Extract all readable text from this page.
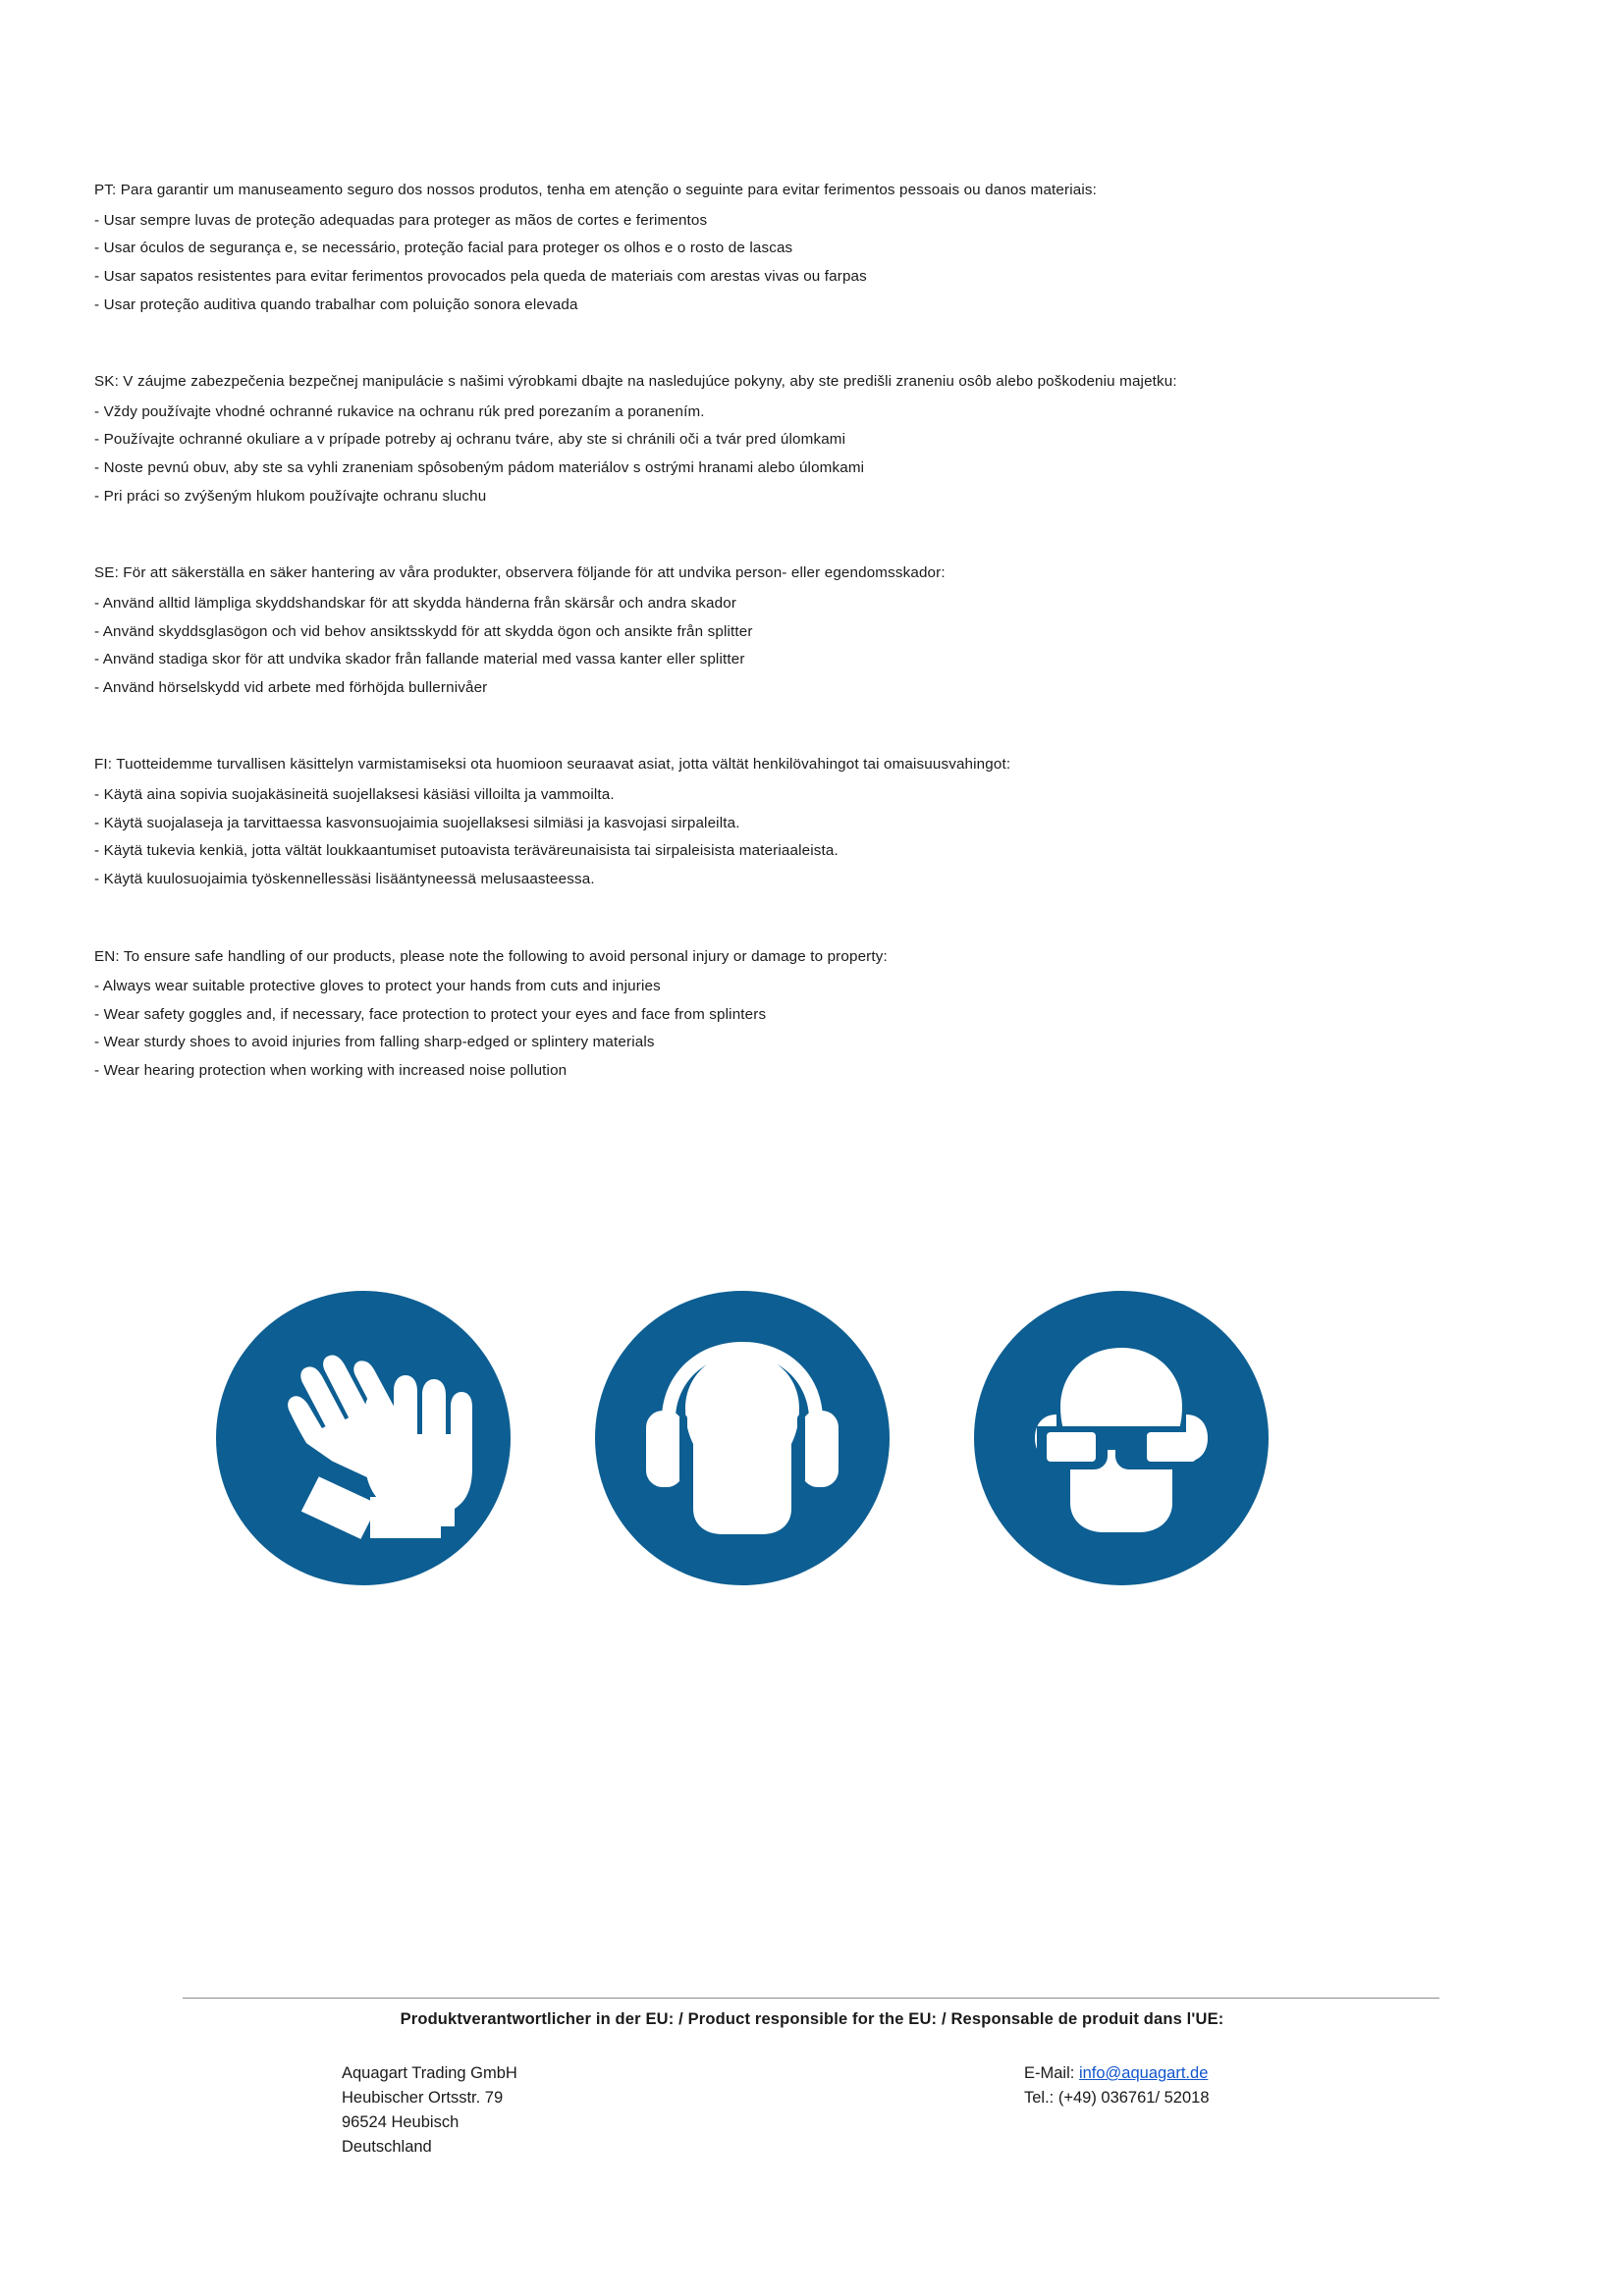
PT: Para garantir um manuseamento seguro dos nossos produtos, tenha em atenção o seguinte para evitar ferimentos pessoais ou danos materiais:

- Usar sempre luvas de proteção adequadas para proteger as mãos de cortes e ferimentos

- Usar óculos de segurança e, se necessário, proteção facial para proteger os olhos e o rosto de lascas

- Usar sapatos resistentes para evitar ferimentos provocados pela queda de materiais com arestas vivas ou farpas

- Usar proteção auditiva quando trabalhar com poluição sonora elevada

SK: V záujme zabezpečenia bezpečnej manipulácie s našimi výrobkami dbajte na nasledujúce pokyny, aby ste predišli zraneniu osôb alebo poškodeniu majetku:

- Vždy používajte vhodné ochranné rukavice na ochranu rúk pred porezaním a poranením.

- Používajte ochranné okuliare a v prípade potreby aj ochranu tváre, aby ste si chránili oči a tvár pred úlomkami

- Noste pevnú obuv, aby ste sa vyhli zraneniam spôsobeným pádom materiálov s ostrými hranami alebo úlomkami

- Pri práci so zvýšeným hlukom používajte ochranu sluchu

SE: För att säkerställa en säker hantering av våra produkter, observera följande för att undvika person- eller egendomsskador:

- Använd alltid lämpliga skyddshandskar för att skydda händerna från skärsår och andra skador

- Använd skyddsglasögon och vid behov ansiktsskydd för att skydda ögon och ansikte från splitter

- Använd stadiga skor för att undvika skador från fallande material med vassa kanter eller splitter

- Använd hörselskydd vid arbete med förhöjda bullernivåer

FI: Tuotteidemme turvallisen käsittelyn varmistamiseksi ota huomioon seuraavat asiat, jotta vältät henkilövahingot tai omaisuusvahingot:

- Käytä aina sopivia suojakäsineitä suojellaksesi käsiäsi villoilta ja vammoilta.

- Käytä suojalaseja ja tarvittaessa kasvonsuojaimia suojellaksesi silmiäsi ja kasvojasi sirpaleilta.

- Käytä tukevia kenkiä, jotta vältät loukkaantumiset putoavista teräväreunaisista tai sirpaleisista materiaaleista.

- Käytä kuulosuojaimia työskennellessäsi lisääntyneessä melusaasteessa.

EN: To ensure safe handling of our products, please note the following to avoid personal injury or damage to property:

- Always wear suitable protective gloves to protect your hands from cuts and injuries

- Wear safety goggles and, if necessary, face protection to protect your eyes and face from splinters

- Wear sturdy shoes to avoid injuries from falling sharp-edged or splintery materials

- Wear hearing protection when working with increased noise pollution

Produktverantwortlicher in der EU: / Product responsible for the EU: / Responsable de produit dans l'UE:
Aquagart Trading GmbH
Heubischer Ortsstr. 79
96524 Heubisch
Deutschland
E-Mail: info@aquagart.de
Tel.: (+49) 036761/ 52018
